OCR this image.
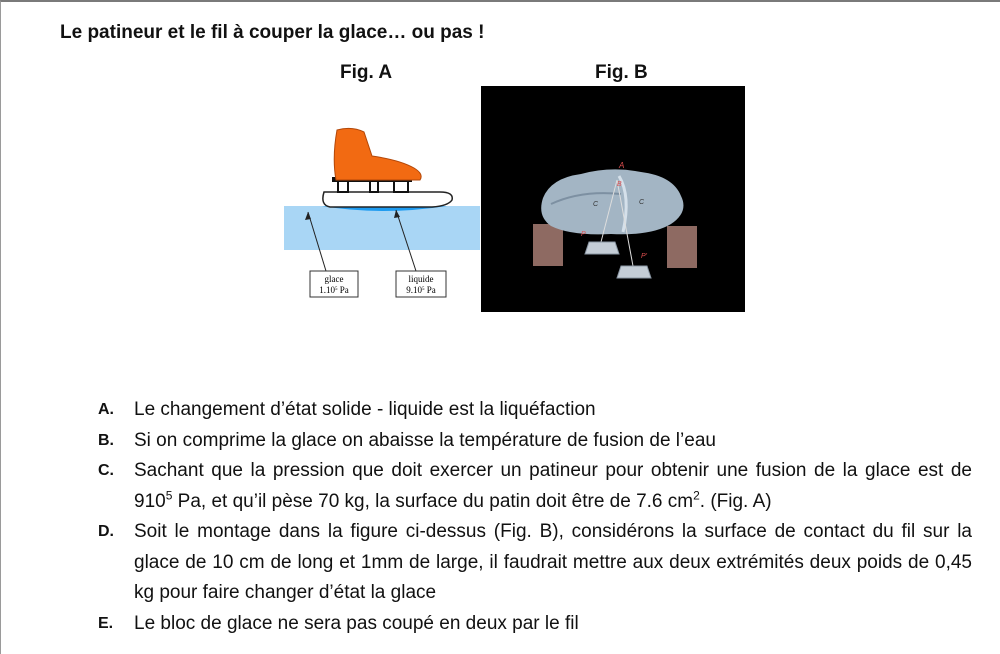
Le patineur et le fil à couper la glace… ou pas !
Fig. A	Fig. B
glace
1.10$^5$ Pa
liquide
9.10$^5$ Pa
A
B
C	C
P
P'
A. Le changement d’état solide - liquide est la liquéfaction
B. Si on comprime la glace on abaisse la température de fusion de l’eau
C. Sachant que la pression que doit exercer un patineur pour obtenir une fusion de la glace est de $910^5$ Pa, et qu’il pèse 70 kg, la surface du patin doit être de 7.6 $cm^2$. (Fig. A)
D. Soit le montage dans la figure ci-dessus (Fig. B), considérons la surface de contact du fil sur la glace de 10 cm de long et 1mm de large, il faudrait mettre aux deux extrémités deux poids de 0,45 kg pour faire changer d’état la glace
E. Le bloc de glace ne sera pas coupé en deux par le fil
